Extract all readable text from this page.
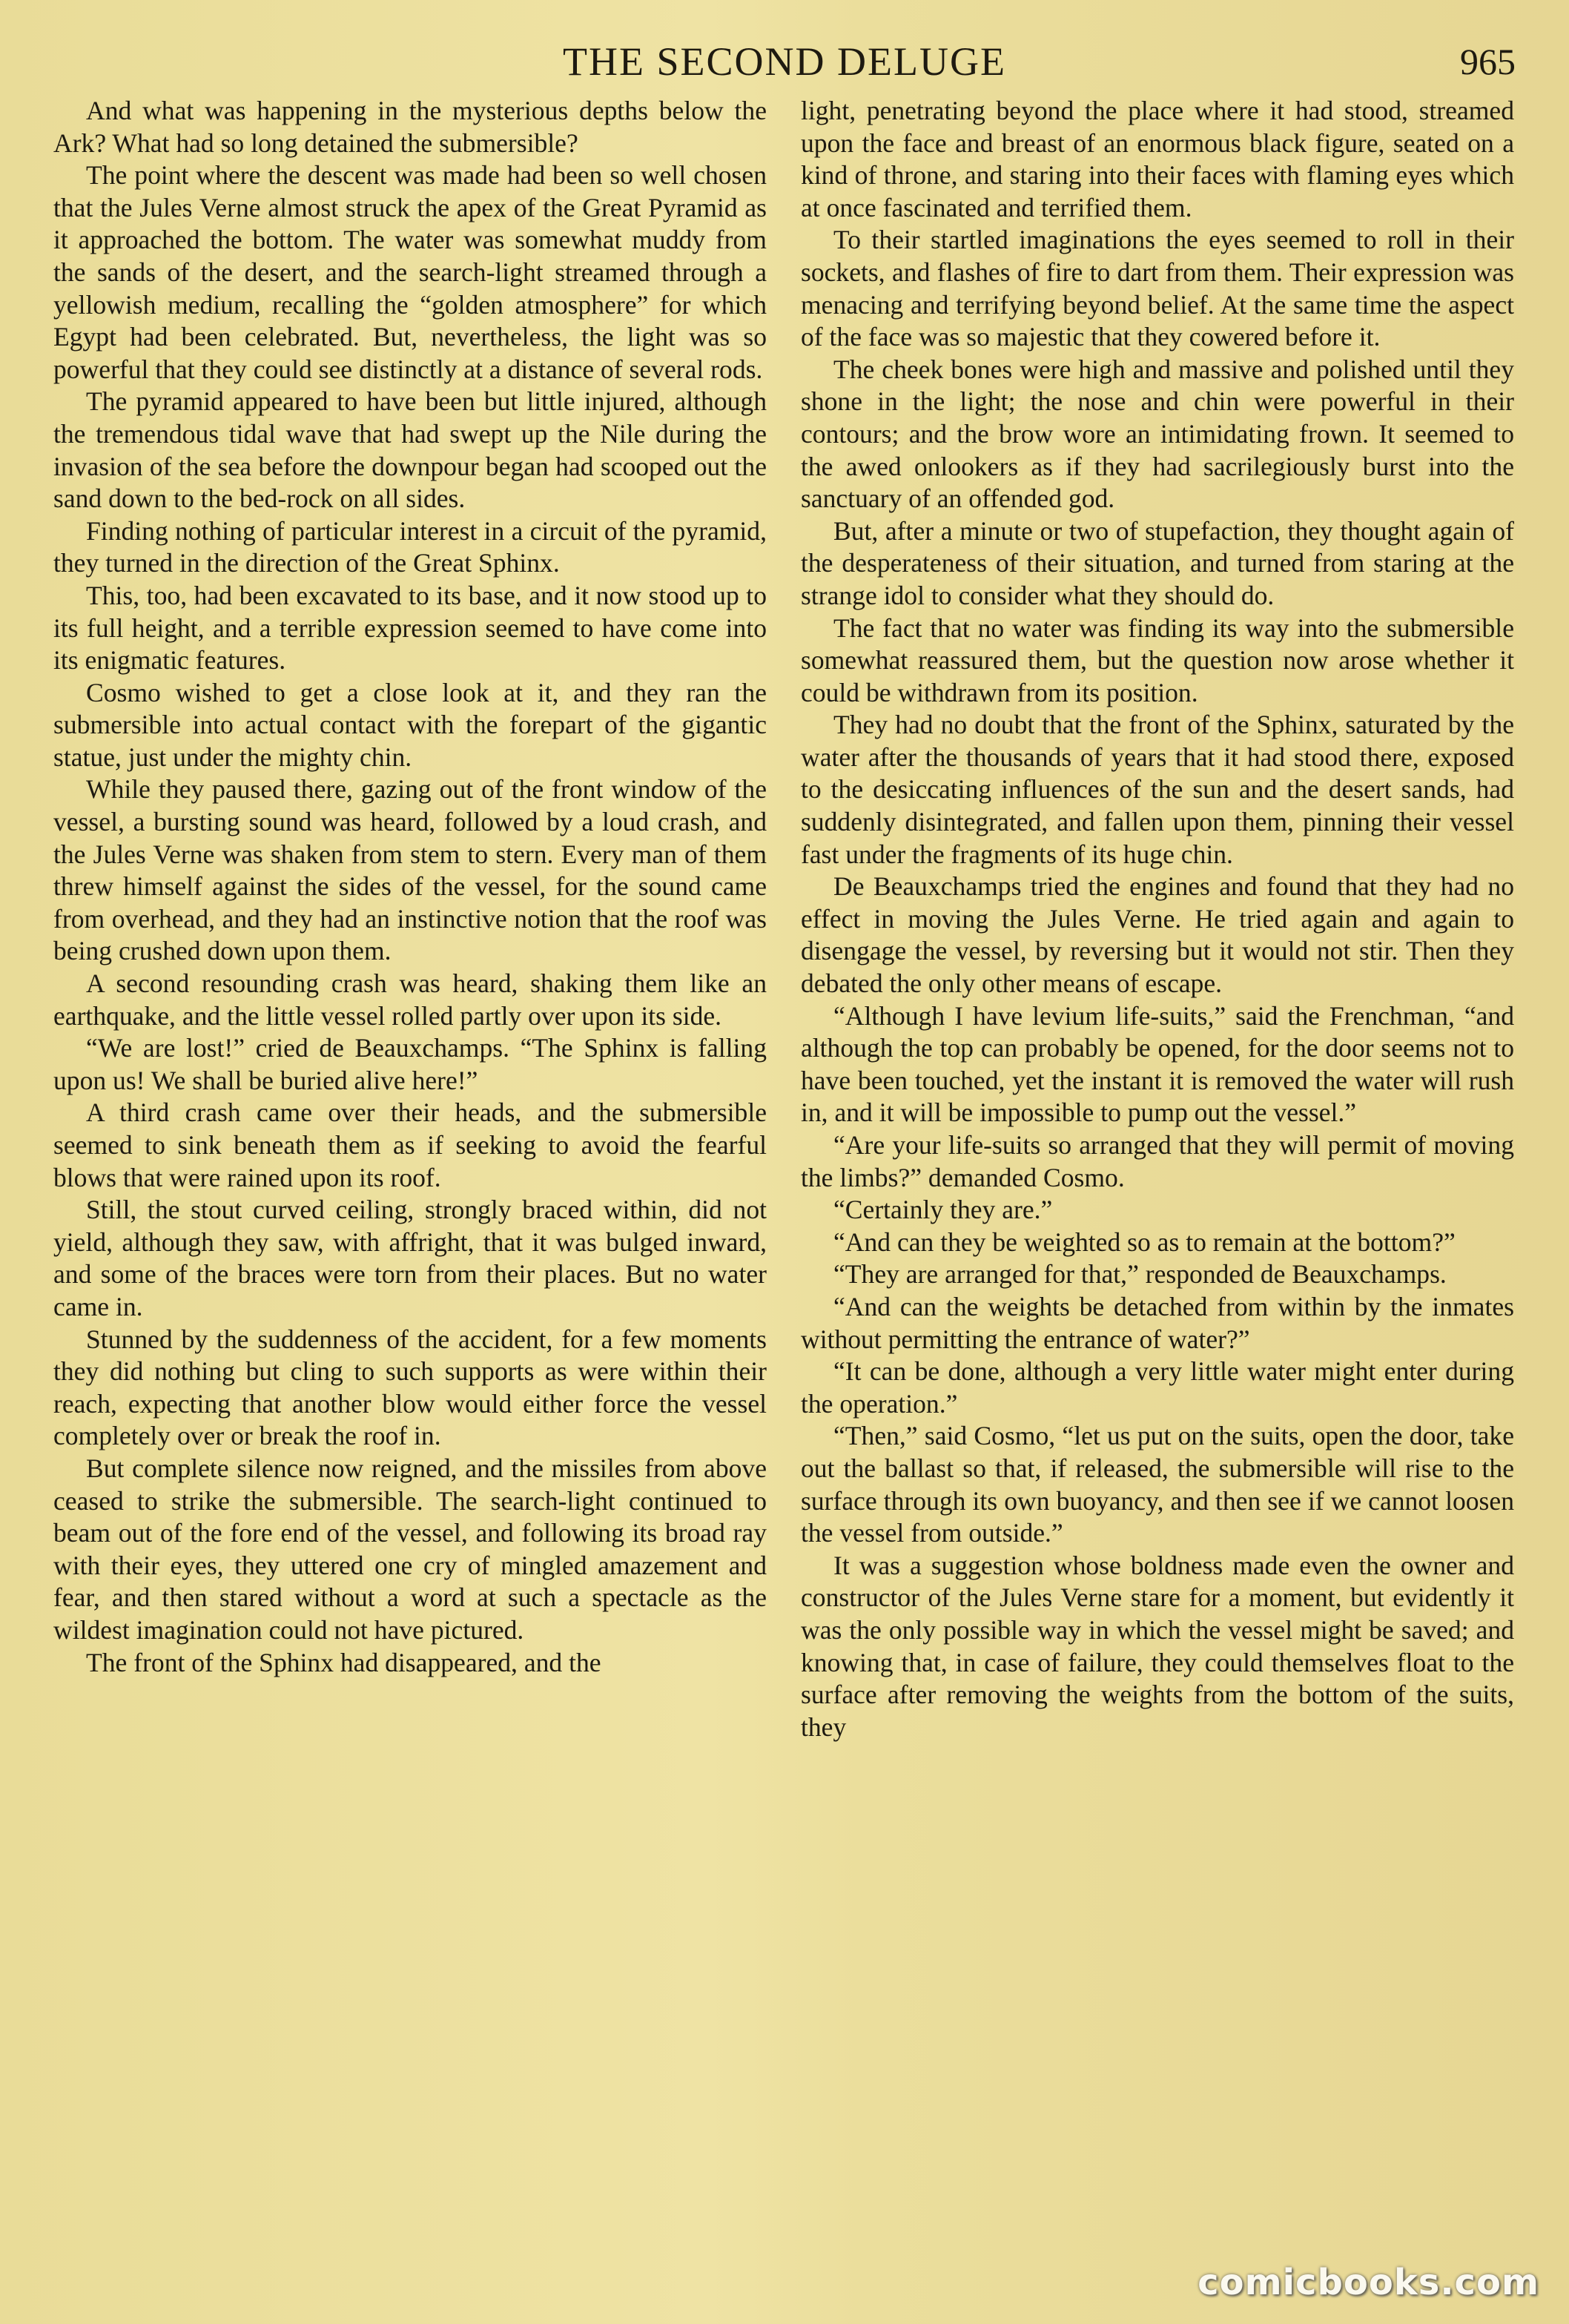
THE SECOND DELUGE	965

And what was happening in the mysterious depths below the Ark? What had so long detained the submersible?

The point where the descent was made had been so well chosen that the Jules Verne almost struck the apex of the Great Pyramid as it approached the bottom. The water was somewhat muddy from the sands of the desert, and the search-light streamed through a yellowish medium, recalling the “golden atmosphere” for which Egypt had been celebrated. But, nevertheless, the light was so powerful that they could see distinctly at a distance of several rods.

The pyramid appeared to have been but little injured, although the tremendous tidal wave that had swept up the Nile during the invasion of the sea before the downpour began had scooped out the sand down to the bed-rock on all sides.

Finding nothing of particular interest in a circuit of the pyramid, they turned in the direction of the Great Sphinx.

This, too, had been excavated to its base, and it now stood up to its full height, and a terrible expression seemed to have come into its enigmatic features.

Cosmo wished to get a close look at it, and they ran the submersible into actual contact with the forepart of the gigantic statue, just under the mighty chin.

While they paused there, gazing out of the front window of the vessel, a bursting sound was heard, followed by a loud crash, and the Jules Verne was shaken from stem to stern. Every man of them threw himself against the sides of the vessel, for the sound came from overhead, and they had an instinctive notion that the roof was being crushed down upon them.

A second resounding crash was heard, shaking them like an earthquake, and the little vessel rolled partly over upon its side.

“We are lost!” cried de Beauxchamps. “The Sphinx is falling upon us! We shall be buried alive here!”

A third crash came over their heads, and the submersible seemed to sink beneath them as if seeking to avoid the fearful blows that were rained upon its roof.

Still, the stout curved ceiling, strongly braced within, did not yield, although they saw, with affright, that it was bulged inward, and some of the braces were torn from their places. But no water came in.

Stunned by the suddenness of the accident, for a few moments they did nothing but cling to such supports as were within their reach, expecting that another blow would either force the vessel completely over or break the roof in.

But complete silence now reigned, and the missiles from above ceased to strike the submersible. The search-light continued to beam out of the fore end of the vessel, and following its broad ray with their eyes, they uttered one cry of mingled amazement and fear, and then stared without a word at such a spectacle as the wildest imagination could not have pictured.

The front of the Sphinx had disappeared, and the

light, penetrating beyond the place where it had stood, streamed upon the face and breast of an enormous black figure, seated on a kind of throne, and staring into their faces with flaming eyes which at once fascinated and terrified them.

To their startled imaginations the eyes seemed to roll in their sockets, and flashes of fire to dart from them. Their expression was menacing and terrifying beyond belief. At the same time the aspect of the face was so majestic that they cowered before it.

The cheek bones were high and massive and polished until they shone in the light; the nose and chin were powerful in their contours; and the brow wore an intimidating frown. It seemed to the awed onlookers as if they had sacrilegiously burst into the sanctuary of an offended god.

But, after a minute or two of stupefaction, they thought again of the desperateness of their situation, and turned from staring at the strange idol to consider what they should do.

The fact that no water was finding its way into the submersible somewhat reassured them, but the question now arose whether it could be withdrawn from its position.

They had no doubt that the front of the Sphinx, saturated by the water after the thousands of years that it had stood there, exposed to the desiccating influences of the sun and the desert sands, had suddenly disintegrated, and fallen upon them, pinning their vessel fast under the fragments of its huge chin.

De Beauxchamps tried the engines and found that they had no effect in moving the Jules Verne. He tried again and again to disengage the vessel, by reversing but it would not stir. Then they debated the only other means of escape.

“Although I have levium life-suits,” said the Frenchman, “and although the top can probably be opened, for the door seems not to have been touched, yet the instant it is removed the water will rush in, and it will be impossible to pump out the vessel.”

“Are your life-suits so arranged that they will permit of moving the limbs?” demanded Cosmo.

“Certainly they are.”

“And can they be weighted so as to remain at the bottom?”

“They are arranged for that,” responded de Beauxchamps.

“And can the weights be detached from within by the inmates without permitting the entrance of water?”

“It can be done, although a very little water might enter during the operation.”

“Then,” said Cosmo, “let us put on the suits, open the door, take out the ballast so that, if released, the submersible will rise to the surface through its own buoyancy, and then see if we cannot loosen the vessel from outside.”

It was a suggestion whose boldness made even the owner and constructor of the Jules Verne stare for a moment, but evidently it was the only possible way in which the vessel might be saved; and knowing that, in case of failure, they could themselves float to the surface after removing the weights from the bottom of the suits, they

comicbooks.com
